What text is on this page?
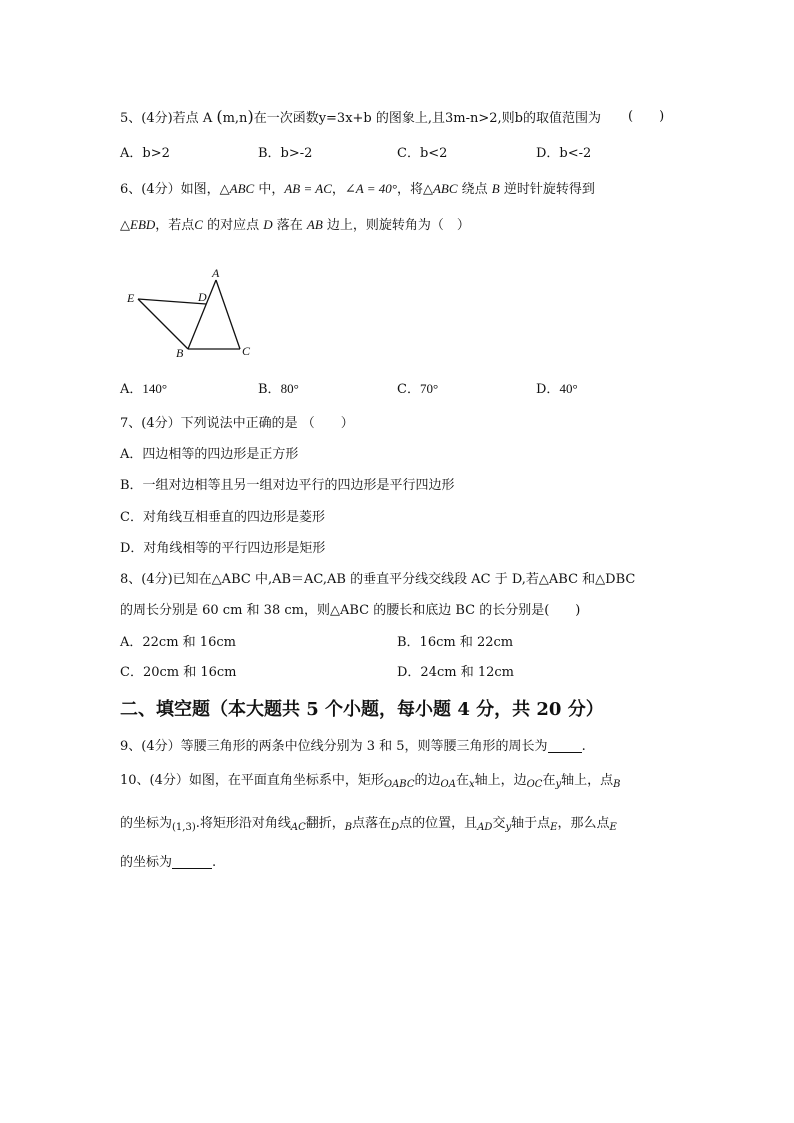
5、(4分)若点 A (m,n)在一次函数y=3x+b 的图象上,且3m-n>2,则b的取值范围为 (　　)
A．b>2	B．b>-2	C．b<2	D．b<-2
6、(4分）如图，△ABC 中，AB = AC，∠A = 40°，将△ABC 绕点 B 逆时针旋转得到
△EBD，若点C 的对应点 D 落在 AB 边上，则旋转角为（　）
A
D
E
B	C
A．140°	B．80°	C．70°	D．40°
7、(4分）下列说法中正确的是 （　　）
A．四边相等的四边形是正方形
B．一组对边相等且另一组对边平行的四边形是平行四边形
C．对角线互相垂直的四边形是菱形
D．对角线相等的平行四边形是矩形
8、(4分)已知在△ABC 中,AB＝AC,AB 的垂直平分线交线段 AC 于 D,若△ABC 和△DBC
的周长分别是 60 cm 和 38 cm，则△ABC 的腰长和底边 BC 的长分别是(　　)
A．22cm 和 16cm	B．16cm 和 22cm
C．20cm 和 16cm	D．24cm 和 12cm
二、填空题（本大题共 5 个小题，每小题 4 分，共 20 分）
9、(4分）等腰三角形的两条中位线分别为 3 和 5，则等腰三角形的周长为	.
10、(4分）如图，在平面直角坐标系中，矩形$_{OABC}$的边$_{OA}$在$_x$轴上，边$_{OC}$在$_y$轴上，点$_B$
的坐标为$_{(1,3)}$.将矩形沿对角线$_{AC}$翻折，$_B$点落在$_D$点的位置，且$_{AD}$交$_y$轴于点$_E$，那么点$_E$
的坐标为	.
